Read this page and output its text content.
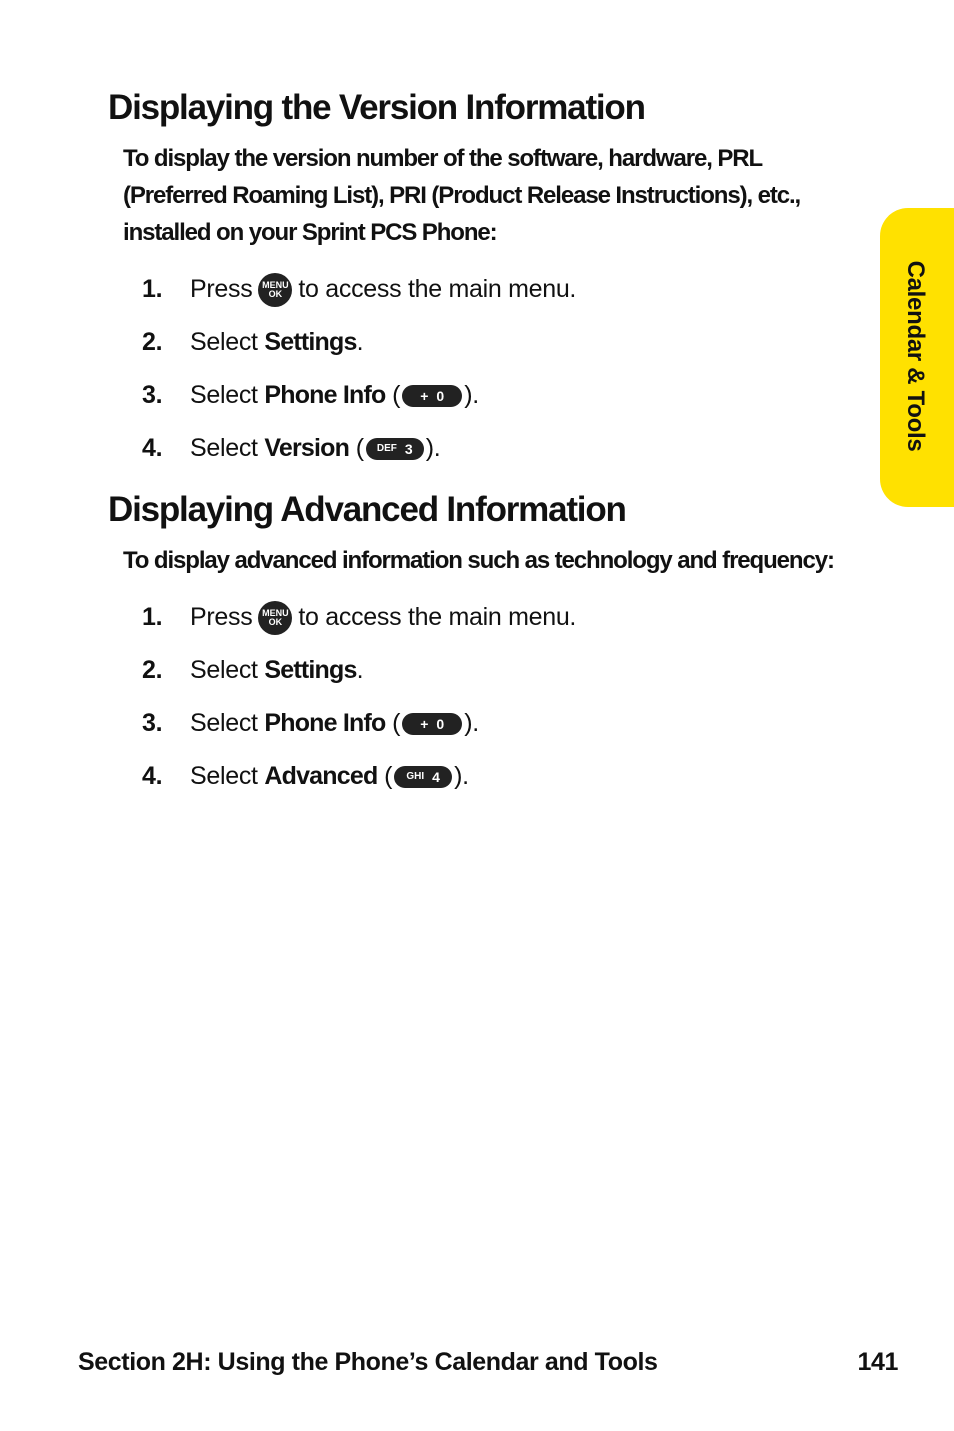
Calendar & Tools
Displaying the Version Information

To display the version number of the software, hardware, PRL (Preferred Roaming List), PRI (Product Release Instructions), etc., installed on your Sprint PCS Phone:

1.	Press MENU
OK to access the main menu.
2.	Select
Settings .
3.	Select
Phone Info
( + 0 ).
4.	Select
Version
( DEF 3 ).
Displaying Advanced Information

To display advanced information such as technology and frequency:

1.	Press MENU
OK to access the main menu.
2.	Select
Settings .
3.	Select
Phone Info
( + 0 ).
4.	Select
Advanced
( GHI 4 ).
Section 2H: Using the Phone’s Calendar and Tools	141
